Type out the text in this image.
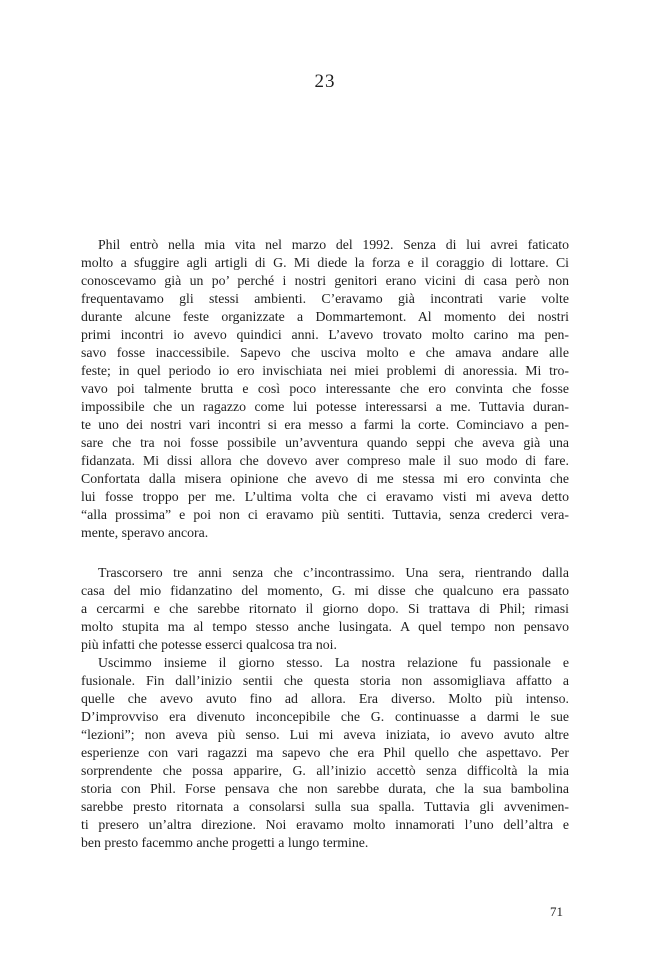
23
Phil entrò nella mia vita nel marzo del 1992. Senza di lui avrei faticato
molto a sfuggire agli artigli di G. Mi diede la forza e il coraggio di lottare. Ci
conoscevamo già un po’ perché i nostri genitori erano vicini di casa però non
frequentavamo gli stessi ambienti. C’eravamo già incontrati varie volte
durante alcune feste organizzate a Dommartemont. Al momento dei nostri
primi incontri io avevo quindici anni. L’avevo trovato molto carino ma pen-
savo fosse inaccessibile. Sapevo che usciva molto e che amava andare alle
feste; in quel periodo io ero invischiata nei miei problemi di anoressia. Mi tro-
vavo poi talmente brutta e così poco interessante che ero convinta che fosse
impossibile che un ragazzo come lui potesse interessarsi a me. Tuttavia duran-
te uno dei nostri vari incontri si era messo a farmi la corte. Cominciavo a pen-
sare che tra noi fosse possibile un’avventura quando seppi che aveva già una
fidanzata. Mi dissi allora che dovevo aver compreso male il suo modo di fare.
Confortata dalla misera opinione che avevo di me stessa mi ero convinta che
lui fosse troppo per me. L’ultima volta che ci eravamo visti mi aveva detto
“alla prossima” e poi non ci eravamo più sentiti. Tuttavia, senza crederci vera-
mente, speravo ancora.
Trascorsero tre anni senza che c’incontrassimo. Una sera, rientrando dalla
casa del mio fidanzatino del momento, G. mi disse che qualcuno era passato
a cercarmi e che sarebbe ritornato il giorno dopo. Si trattava di Phil; rimasi
molto stupita ma al tempo stesso anche lusingata. A quel tempo non pensavo
più infatti che potesse esserci qualcosa tra noi.
Uscimmo insieme il giorno stesso. La nostra relazione fu passionale e
fusionale. Fin dall’inizio sentii che questa storia non assomigliava affatto a
quelle che avevo avuto fino ad allora. Era diverso. Molto più intenso.
D’improvviso era divenuto inconcepibile che G. continuasse a darmi le sue
“lezioni”; non aveva più senso. Lui mi aveva iniziata, io avevo avuto altre
esperienze con vari ragazzi ma sapevo che era Phil quello che aspettavo. Per
sorprendente che possa apparire, G. all’inizio accettò senza difficoltà la mia
storia con Phil. Forse pensava che non sarebbe durata, che la sua bambolina
sarebbe presto ritornata a consolarsi sulla sua spalla. Tuttavia gli avvenimen-
ti presero un’altra direzione. Noi eravamo molto innamorati l’uno dell’altra e
ben presto facemmo anche progetti a lungo termine.
71
